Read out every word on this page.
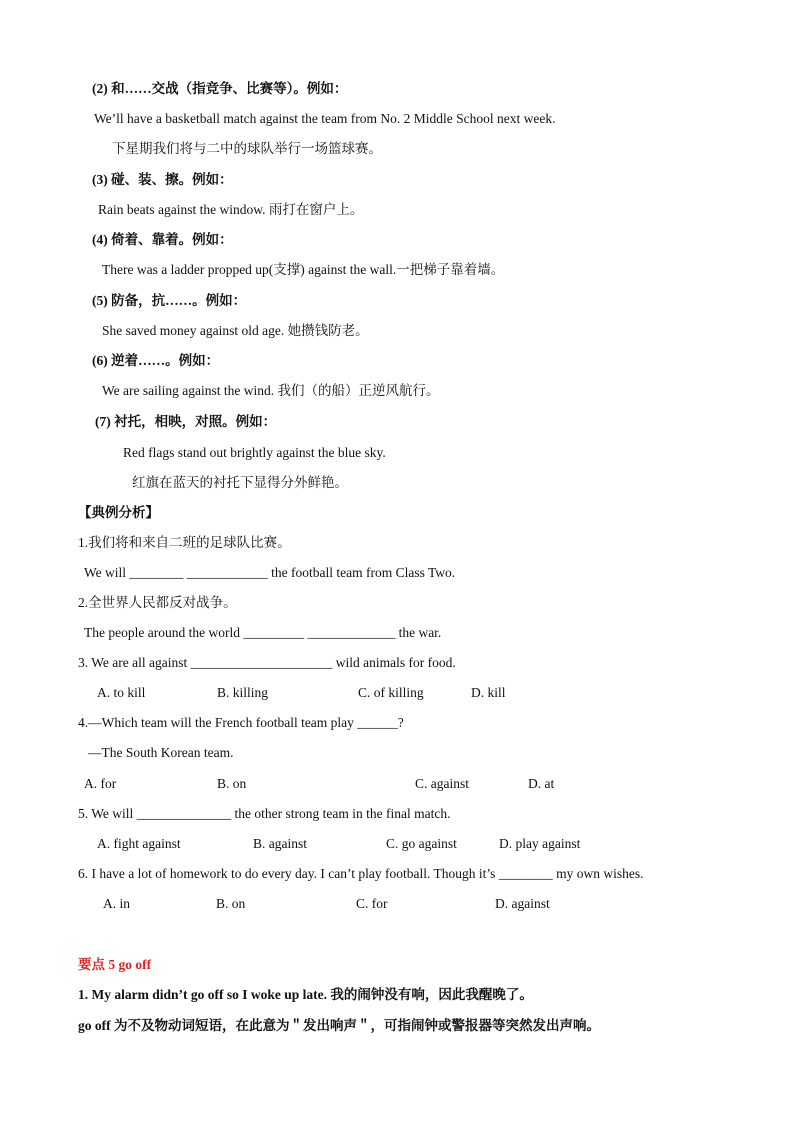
(2) 和……交战（指竞争、比赛等）。例如：
We’ll have a basketball match against the team from No. 2 Middle School next week.
下星期我们将与二中的球队举行一场篮球赛。
(3) 碰、装、擦。例如：
Rain beats against the window. 雨打在窗户上。
(4) 倚着、靠着。例如：
There was a ladder propped up(支撑) against the wall.一把梯子靠着墙。
(5) 防备，抗……。例如：
She saved money against old age. 她攒钱防老。
(6) 逆着……。例如：
We are sailing against the wind. 我们（的船）正逆风航行。
(7) 衬托，相映，对照。例如：
Red flags stand out brightly against the blue sky.
红旗在蓝天的衬托下显得分外鲜艳。
【典例分析】
1.我们将和来自二班的足球队比赛。
We will ________ ____________ the football team from Class Two.
2.全世界人民都反对战争。
The people around the world _________ _____________ the war.
3. We are all against _____________________ wild animals for food.
A. to kill	B. killing	C. of killing	D. kill
4.—Which team will the French football team play ______?
—The South Korean team.
A. for	B. on	C. against	D. at
5. We will ______________ the other strong team in the final match.
A. fight against	B. against	C. go against	D. play against
6. I have a lot of homework to do every day. I can’t play football. Though it’s ________ my own wishes.
A. in	B. on	C. for	D. against
要点 5 go off
1. My alarm didn’t go off so I woke up late. 我的闹钟没有响，因此我醒晚了。
go off 为不及物动词短语，在此意为＂发出响声＂，可指闹钟或警报器等突然发出声响。
